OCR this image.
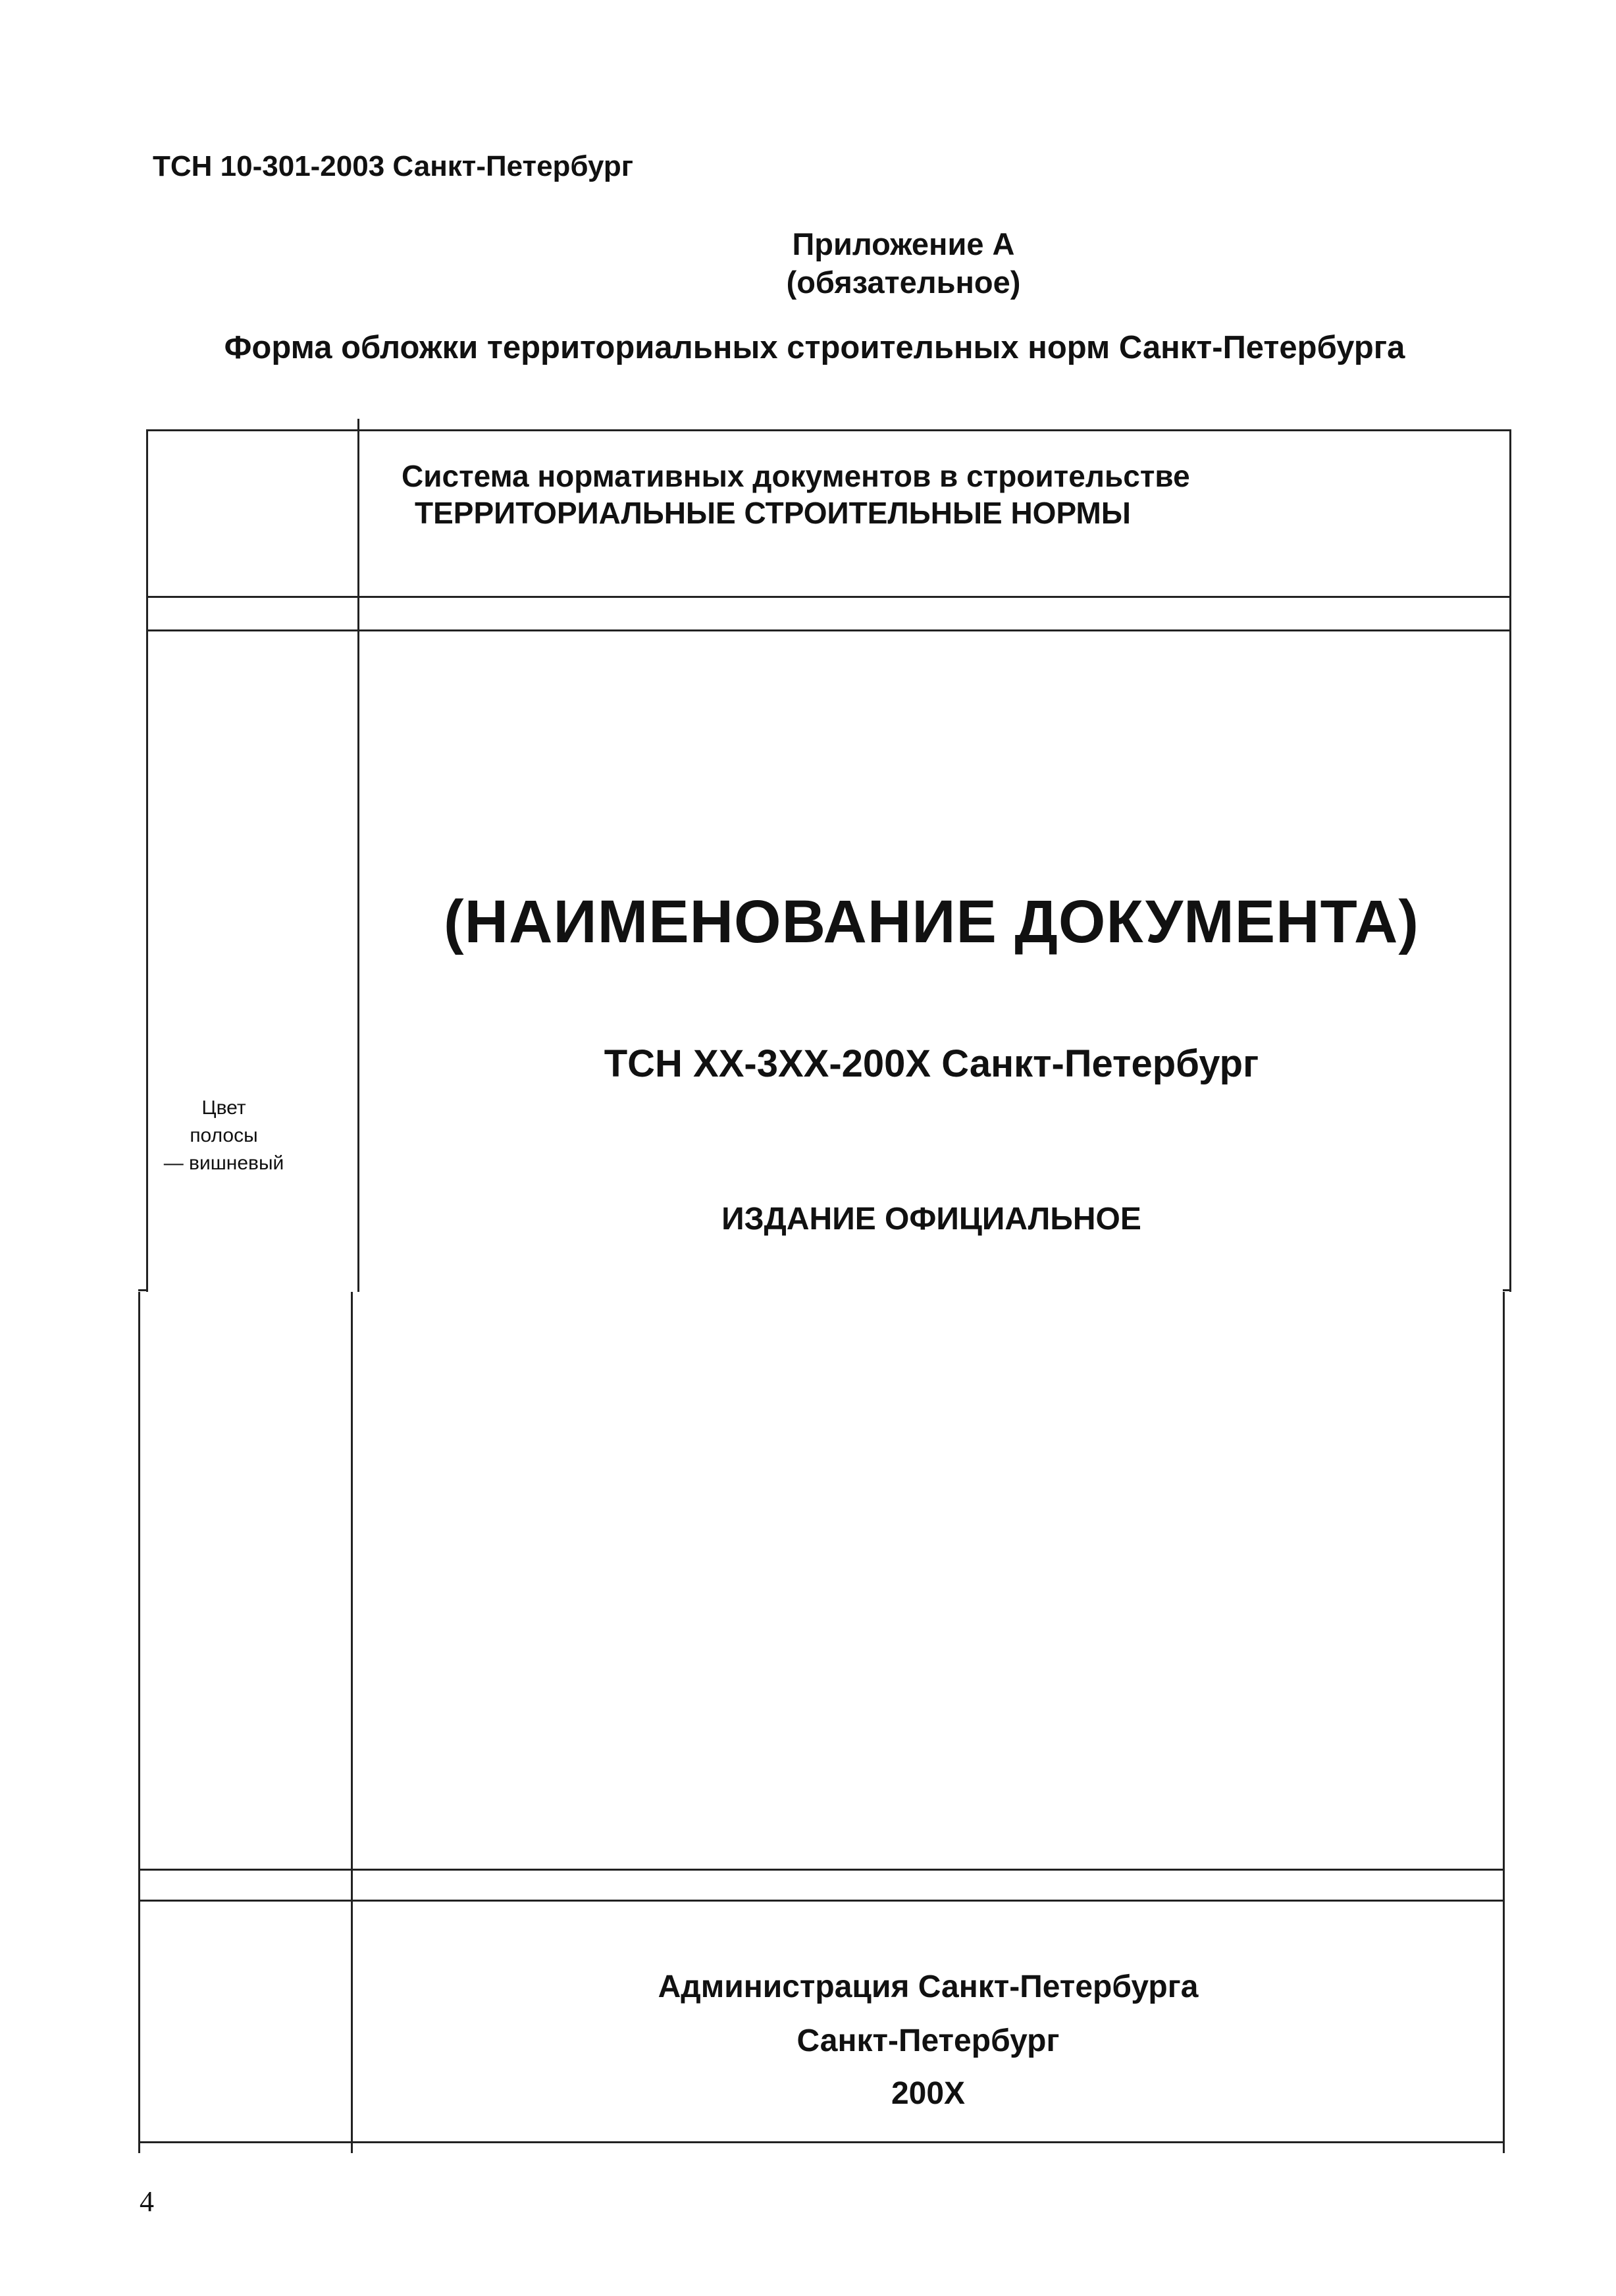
ТСН 10-301-2003 Санкт-Петербург
Приложение А
(обязательное)
Форма обложки территориальных строительных норм Санкт-Петербурга
Система нормативных документов в строительстве
ТЕРРИТОРИАЛЬНЫЕ СТРОИТЕЛЬНЫЕ НОРМЫ
(НАИМЕНОВАНИЕ ДОКУМЕНТА)
ТСН XX-3XX-200X Санкт-Петербург
ИЗДАНИЕ ОФИЦИАЛЬНОЕ
Цвет
полосы
— вишневый
Администрация Санкт-Петербурга
Санкт-Петербург
200X
4
